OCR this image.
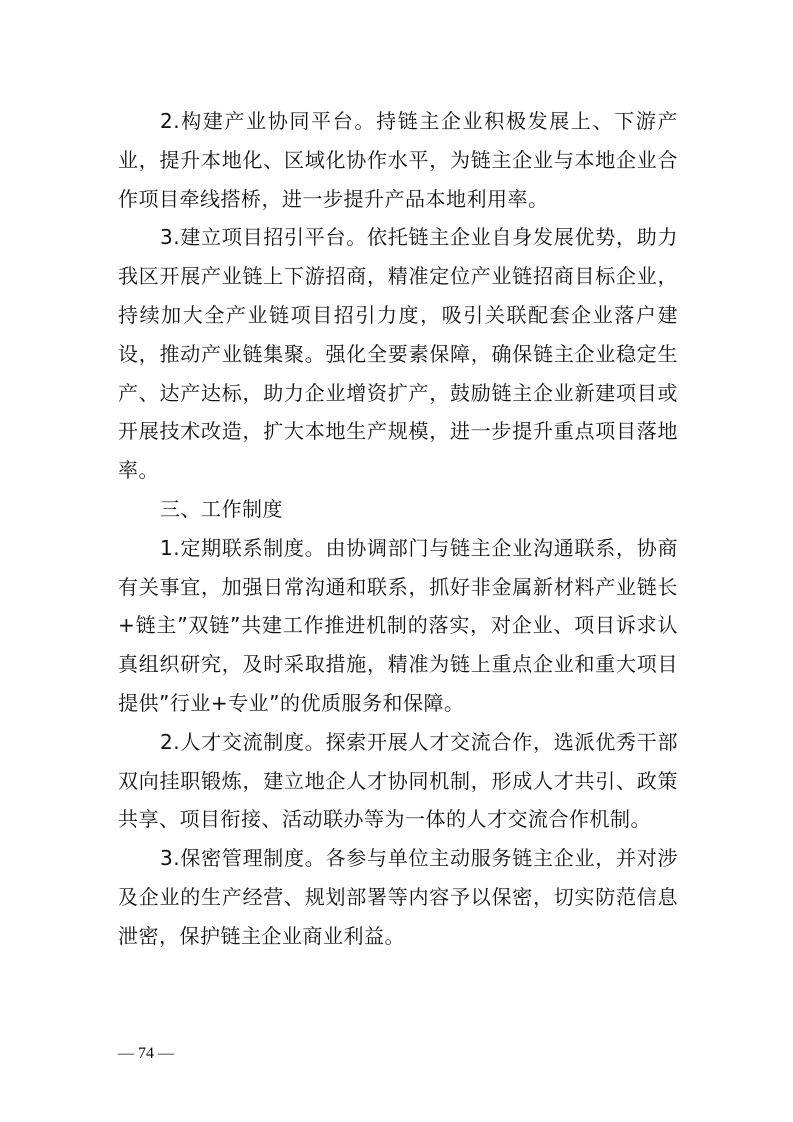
2.构建产业协同平台。持链主企业积极发展上、下游产业，提升本地化、区域化协作水平，为链主企业与本地企业合作项目牵线搭桥，进一步提升产品本地利用率。

3.建立项目招引平台。依托链主企业自身发展优势，助力我区开展产业链上下游招商，精准定位产业链招商目标企业，持续加大全产业链项目招引力度，吸引关联配套企业落户建设，推动产业链集聚。强化全要素保障，确保链主企业稳定生产、达产达标，助力企业增资扩产，鼓励链主企业新建项目或开展技术改造，扩大本地生产规模，进一步提升重点项目落地率。

三、工作制度

1.定期联系制度。由协调部门与链主企业沟通联系，协商有关事宜，加强日常沟通和联系，抓好非金属新材料产业链长+链主”双链”共建工作推进机制的落实，对企业、项目诉求认真组织研究，及时采取措施，精准为链上重点企业和重大项目提供”行业+专业”的优质服务和保障。

2.人才交流制度。探索开展人才交流合作，选派优秀干部双向挂职锻炼，建立地企人才协同机制，形成人才共引、政策共享、项目衔接、活动联办等为一体的人才交流合作机制。

3.保密管理制度。各参与单位主动服务链主企业，并对涉及企业的生产经营、规划部署等内容予以保密，切实防范信息泄密，保护链主企业商业利益。

— 74 —
